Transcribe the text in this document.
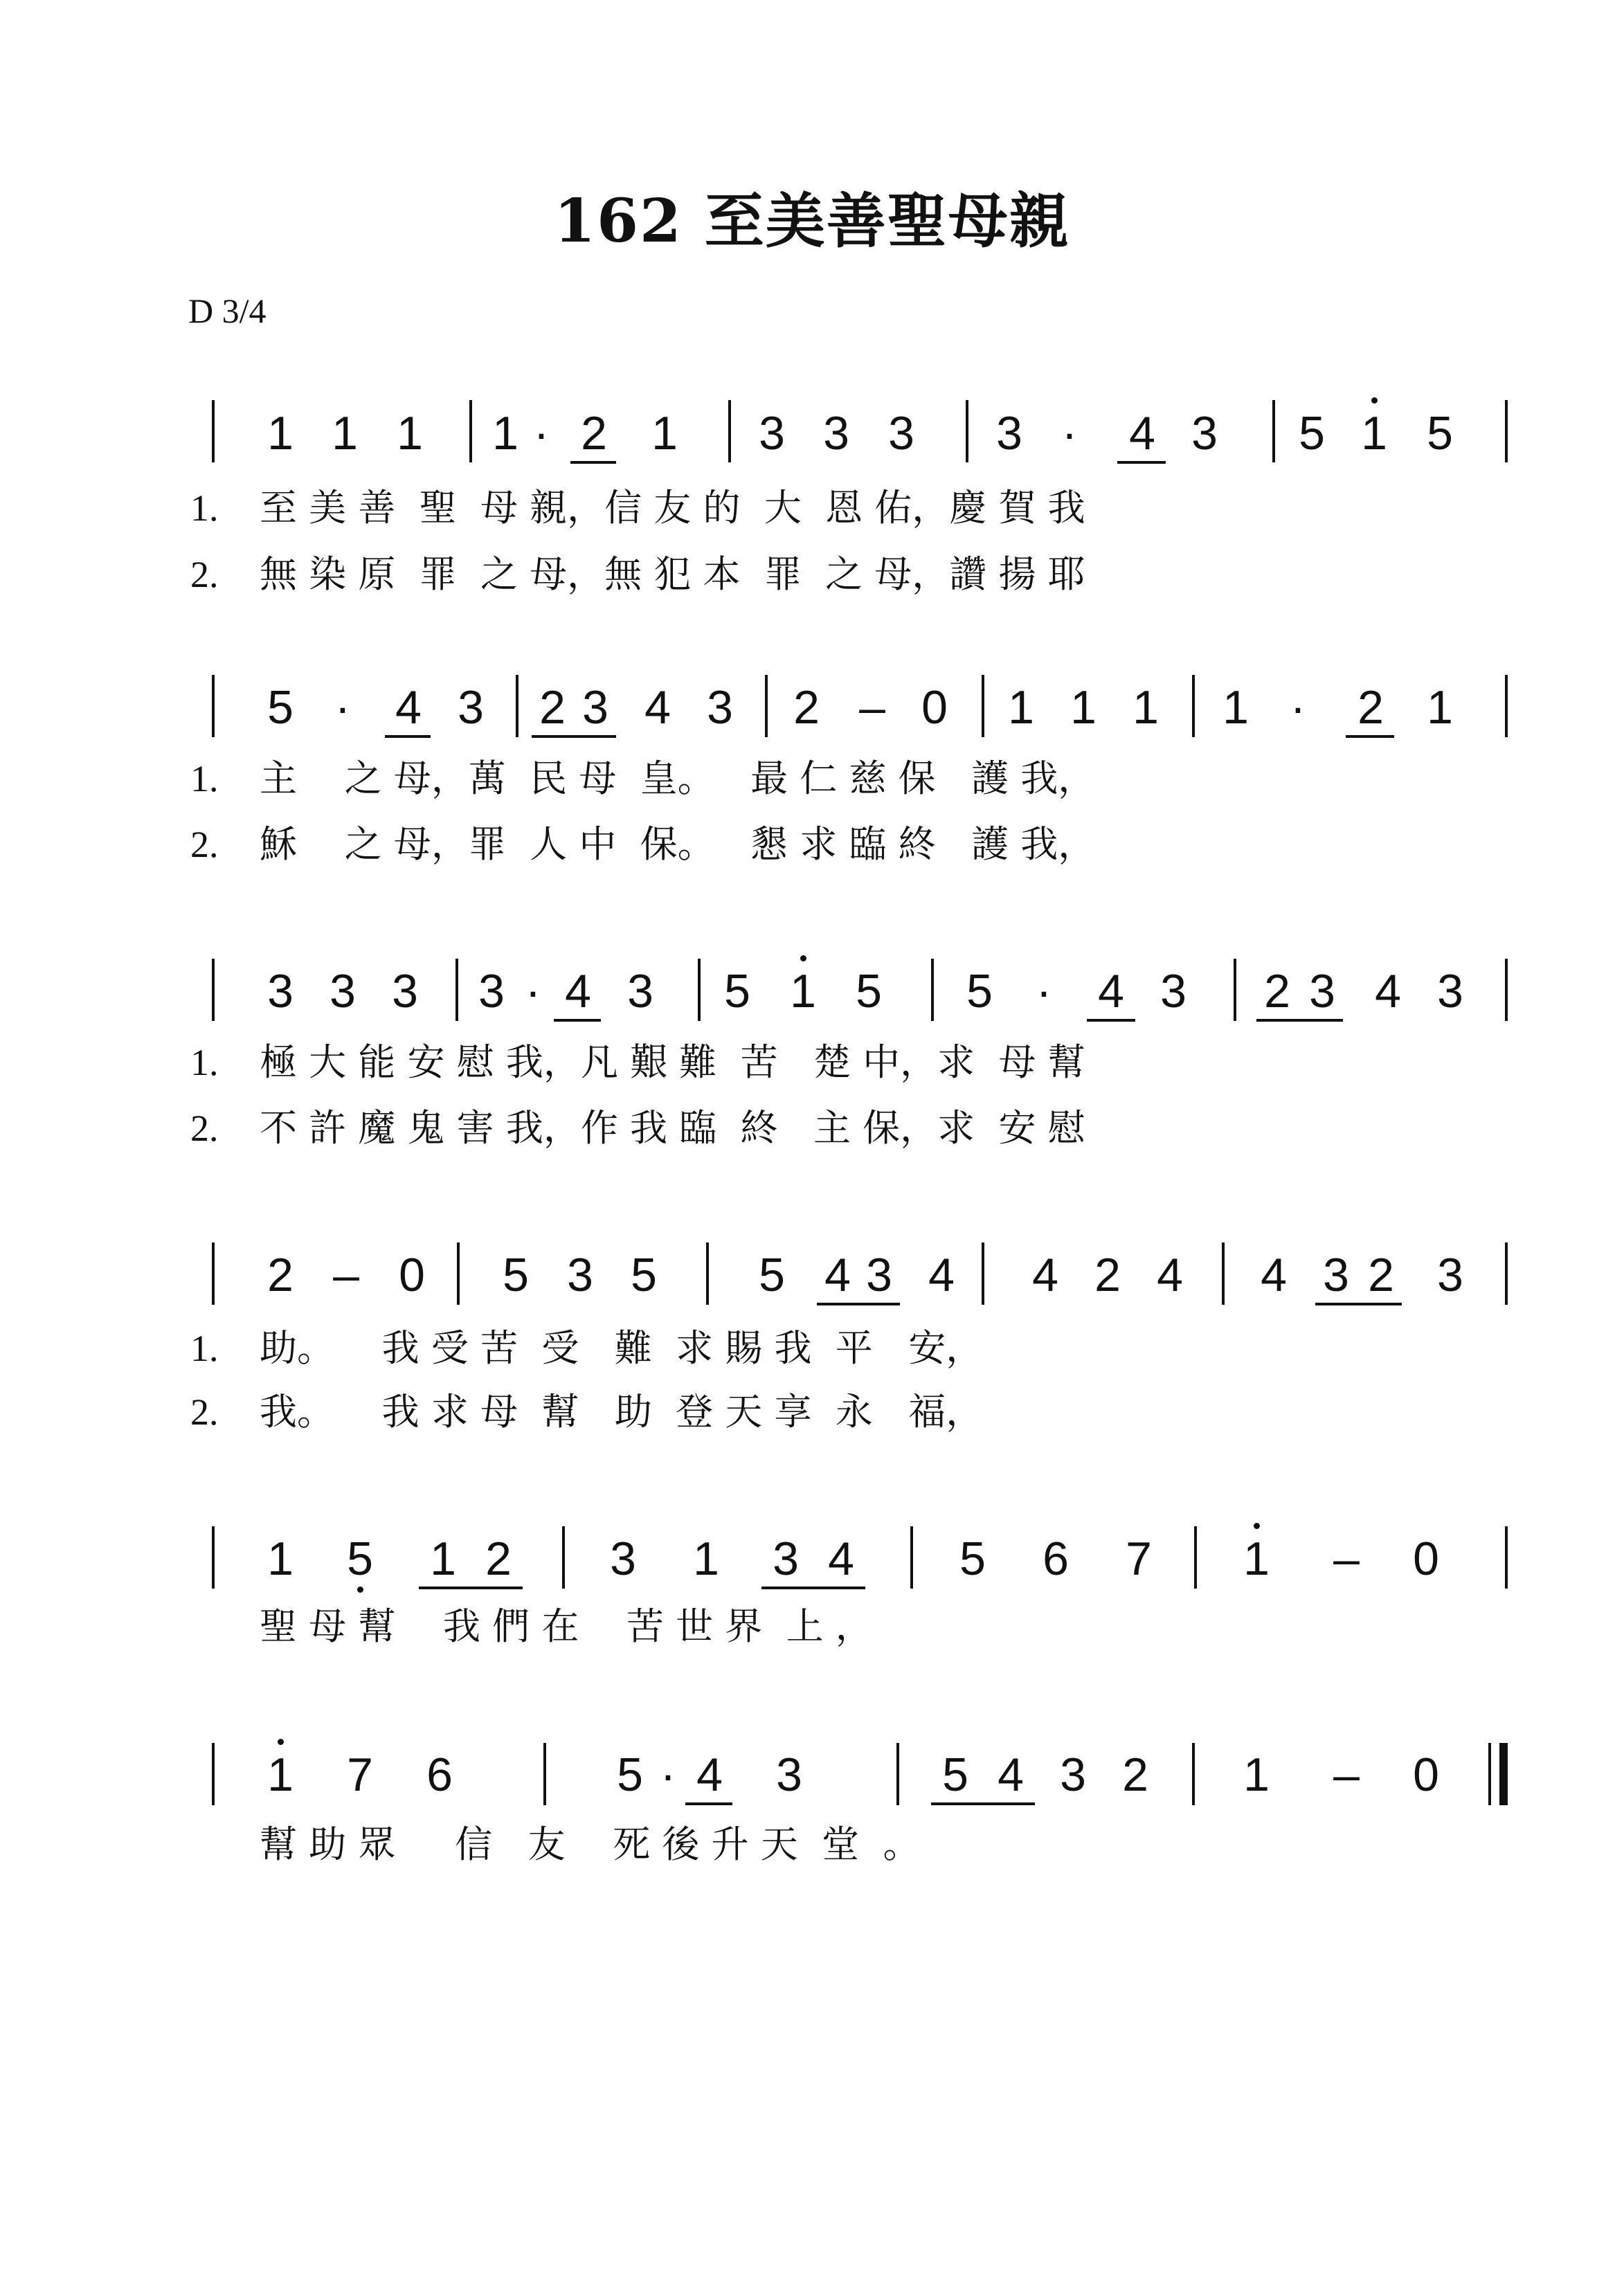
162 至美善聖母親
D 3/4
1 1 1 1 · 2 1 3 3 3 3 · 4 3 5 1 5
1. 至 美 善  聖  母 親，信 友 的  大  恩 佑，慶 賀 我
2. 無 染 原  罪  之 母，無 犯 本  罪  之 母，讚 揚 耶
5 · 4 3 2 3 4 3 2 – 0 1 1 1 1 · 2 1
1. 主    之 母，萬  民 母  皇。   最 仁 慈 保   護 我，
2. 穌    之 母，罪  人 中  保。   懇 求 臨 終   護 我，
3 3 3 3 · 4 3 5 1 5 5 · 4 3 2 3 4 3
1. 極 大 能 安 慰 我，凡 艱 難  苦   楚 中，求  母 幫
2. 不 許 魔 鬼 害 我，作 我 臨  終   主 保，求  安 慰
2 – 0 5 3 5 5 4 3 4 4 2 4 4 3 2 3
1. 助。    我 受 苦  受   難  求 賜 我  平   安，
2. 我。    我 求 母  幫   助  登 天 享  永   福，
1 5 1 2 3 1 3 4 5 6 7 1 – 0
聖 母 幫    我 們 在    苦 世 界  上 ，
1 7 6	5 · 4 3	5 4 3 2 1 – 0
幫 助 眾     信   友    死 後 升 天  堂  。
